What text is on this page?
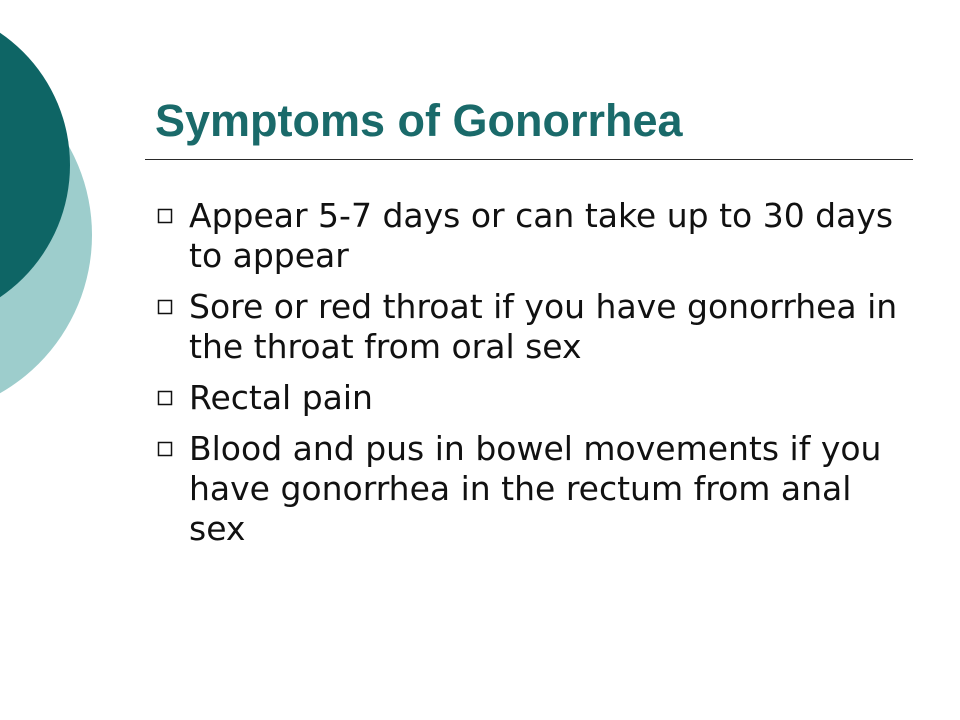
Symptoms of Gonorrhea
Appear 5-7 days or can take up to 30 days to appear
Sore or red throat if you have gonorrhea in the throat from oral sex
Rectal pain
Blood and pus in bowel movements if you have gonorrhea in the rectum from anal sex
